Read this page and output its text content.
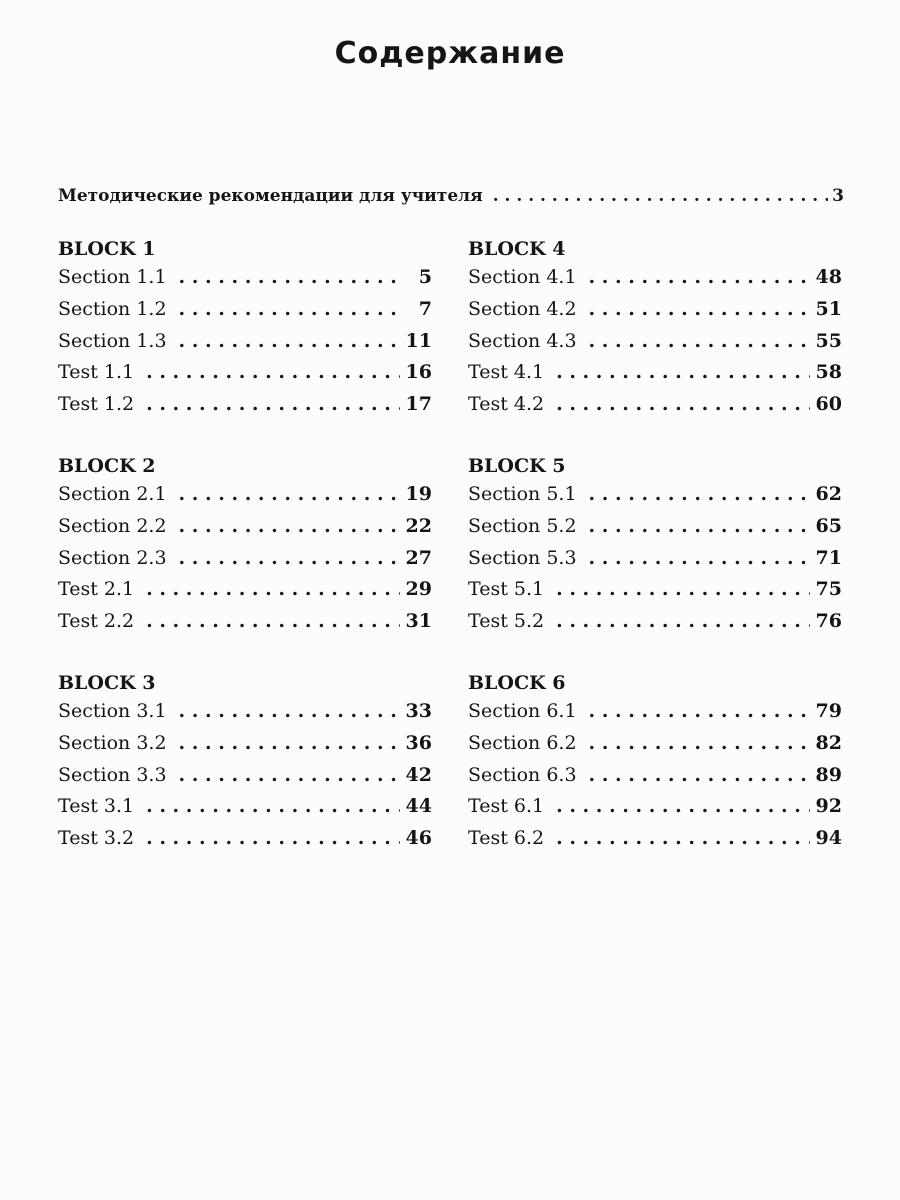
Содержание
Методические рекомендации для учителя . . .	3
BLOCK 1
Section 1.1 . . .	5
Section 1.2 . . .	7
Section 1.3 . . .	11
Test 1.1 . . .	16
Test 1.2 . . .	17
BLOCK 2
Section 2.1 . . .	19
Section 2.2 . . .	22
Section 2.3 . . .	27
Test 2.1 . . .	29
Test 2.2 . . .	31
BLOCK 3
Section 3.1 . . .	33
Section 3.2 . . .	36
Section 3.3 . . .	42
Test 3.1 . . .	44
Test 3.2 . . .	46
BLOCK 4
Section 4.1 . . .	48
Section 4.2 . . .	51
Section 4.3 . . .	55
Test 4.1 . . .	58
Test 4.2 . . .	60
BLOCK 5
Section 5.1 . . .	62
Section 5.2 . . .	65
Section 5.3 . . .	71
Test 5.1 . . .	75
Test 5.2 . . .	76
BLOCK 6
Section 6.1 . . .	79
Section 6.2 . . .	82
Section 6.3 . . .	89
Test 6.1 . . .	92
Test 6.2 . . .	94
